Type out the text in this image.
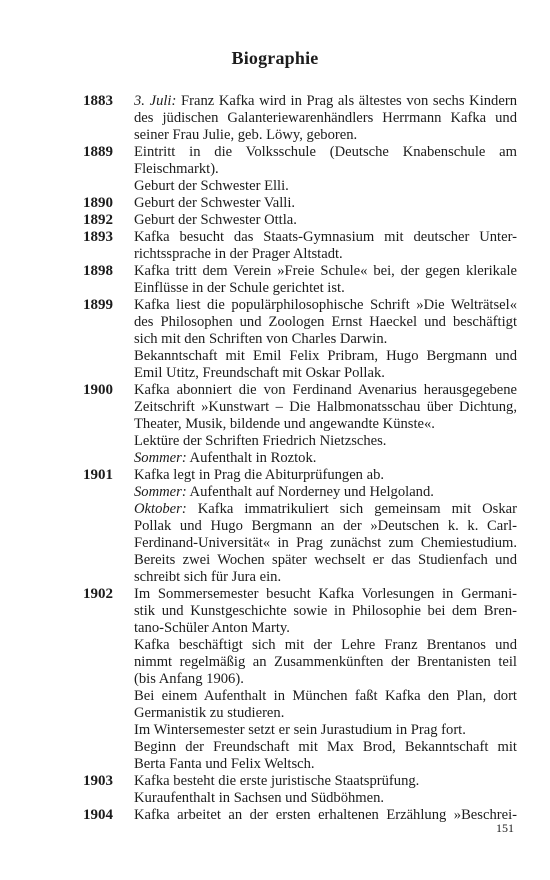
Biographie
1883	3. Juli: Franz Kafka wird in Prag als ältestes von sechs Kindern
des jüdischen Galanteriewarenhändlers Herrmann Kafka und
seiner Frau Julie, geb. Löwy, geboren.
1889	Eintritt in die Volksschule (Deutsche Knabenschule am
Fleischmarkt).
Geburt der Schwester Elli.
1890	Geburt der Schwester Valli.
1892	Geburt der Schwester Ottla.
1893	Kafka besucht das Staats-Gymnasium mit deutscher Unter-
richtssprache in der Prager Altstadt.
1898	Kafka tritt dem Verein »Freie Schule« bei, der gegen klerikale
Einflüsse in der Schule gerichtet ist.
1899	Kafka liest die populärphilosophische Schrift »Die Welträtsel«
des Philosophen und Zoologen Ernst Haeckel und beschäftigt
sich mit den Schriften von Charles Darwin.
Bekanntschaft mit Emil Felix Pribram, Hugo Bergmann und
Emil Utitz, Freundschaft mit Oskar Pollak.
1900	Kafka abonniert die von Ferdinand Avenarius herausgegebene
Zeitschrift »Kunstwart – Die Halbmonatsschau über Dichtung,
Theater, Musik, bildende und angewandte Künste«.
Lektüre der Schriften Friedrich Nietzsches.
Sommer: Aufenthalt in Roztok.
1901	Kafka legt in Prag die Abiturprüfungen ab.
Sommer: Aufenthalt auf Norderney und Helgoland.
Oktober: Kafka immatrikuliert sich gemeinsam mit Oskar
Pollak und Hugo Bergmann an der »Deutschen k. k. Carl-
Ferdinand-Universität« in Prag zunächst zum Chemiestudium.
Bereits zwei Wochen später wechselt er das Studienfach und
schreibt sich für Jura ein.
1902	Im Sommersemester besucht Kafka Vorlesungen in Germani-
stik und Kunstgeschichte sowie in Philosophie bei dem Bren-
tano-Schüler Anton Marty.
Kafka beschäftigt sich mit der Lehre Franz Brentanos und
nimmt regelmäßig an Zusammenkünften der Brentanisten teil
(bis Anfang 1906).
Bei einem Aufenthalt in München faßt Kafka den Plan, dort
Germanistik zu studieren.
Im Wintersemester setzt er sein Jurastudium in Prag fort.
Beginn der Freundschaft mit Max Brod, Bekanntschaft mit
Berta Fanta und Felix Weltsch.
1903	Kafka besteht die erste juristische Staatsprüfung.
Kuraufenthalt in Sachsen und Südböhmen.
1904	Kafka arbeitet an der ersten erhaltenen Erzählung »Beschrei-
151
